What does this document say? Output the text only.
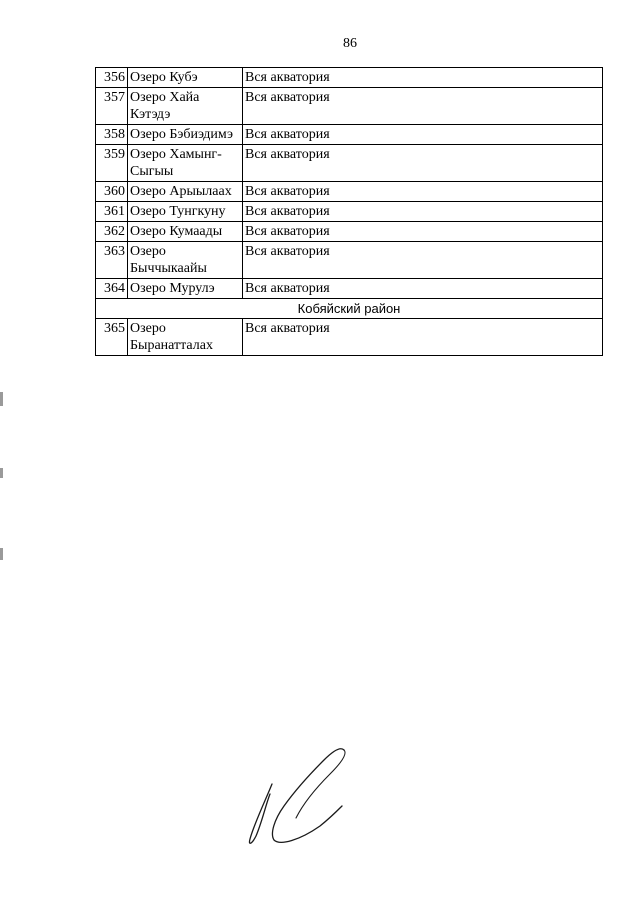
86
356	Озеро Кубэ	Вся акватория
357	Озеро Хайа Кэтэдэ	Вся акватория
358	Озеро Бэбиэдимэ	Вся акватория
359	Озеро Хамынг-Сыгыы	Вся акватория
360	Озеро Арыылаах	Вся акватория
361	Озеро Тунгкуну	Вся акватория
362	Озеро Кумаады	Вся акватория
363	Озеро Быччыкаайы	Вся акватория
364	Озеро Мурулэ	Вся акватория
Кобяйский район		
365	Озеро Быранатталах	Вся акватория
